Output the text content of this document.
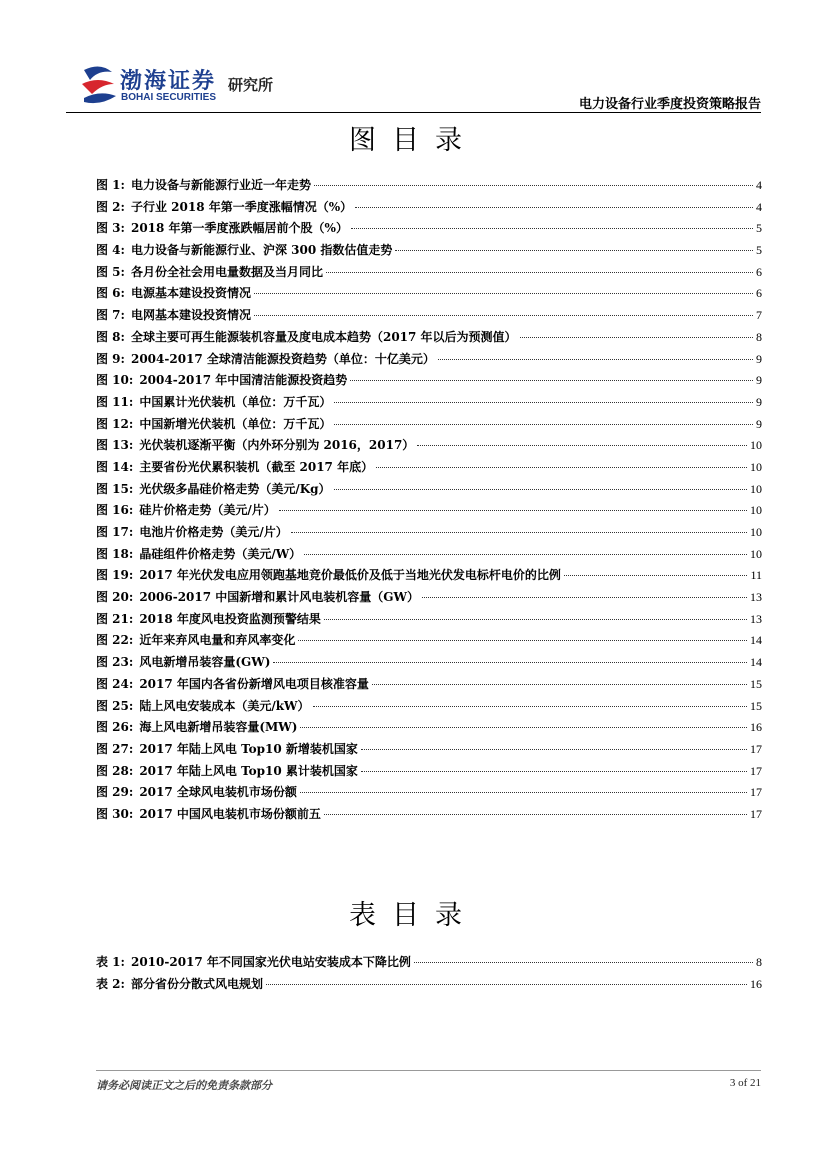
渤海证券
BOHAI SECURITIES
研究所
电力设备行业季度投资策略报告
图目录
图 1: 电力设备与新能源行业近一年走势	4
图 2: 子行业 2018 年第一季度涨幅情况（%）	4
图 3: 2018 年第一季度涨跌幅居前个股（%）	5
图 4: 电力设备与新能源行业、沪深 300 指数估值走势	5
图 5: 各月份全社会用电量数据及当月同比	6
图 6: 电源基本建设投资情况	6
图 7: 电网基本建设投资情况	7
图 8: 全球主要可再生能源装机容量及度电成本趋势（2017 年以后为预测值）	8
图 9: 2004-2017 全球清洁能源投资趋势（单位：十亿美元）	9
图 10: 2004-2017 年中国清洁能源投资趋势	9
图 11: 中国累计光伏装机（单位：万千瓦）	9
图 12: 中国新增光伏装机（单位：万千瓦）	9
图 13: 光伏装机逐渐平衡（内外环分别为 2016，2017）	10
图 14: 主要省份光伏累积装机（截至 2017 年底）	10
图 15: 光伏级多晶硅价格走势（美元/Kg）	10
图 16: 硅片价格走势（美元/片）	10
图 17: 电池片价格走势（美元/片）	10
图 18: 晶硅组件价格走势（美元/W）	10
图 19: 2017 年光伏发电应用领跑基地竞价最低价及低于当地光伏发电标杆电价的比例	11
图 20: 2006-2017 中国新增和累计风电装机容量（GW）	13
图 21: 2018 年度风电投资监测预警结果	13
图 22: 近年来弃风电量和弃风率变化	14
图 23: 风电新增吊装容量(GW)	14
图 24: 2017 年国内各省份新增风电项目核准容量	15
图 25: 陆上风电安装成本（美元/kW）	15
图 26: 海上风电新增吊装容量(MW)	16
图 27: 2017 年陆上风电 Top10 新增装机国家	17
图 28: 2017 年陆上风电 Top10 累计装机国家	17
图 29: 2017 全球风电装机市场份额	17
图 30: 2017 中国风电装机市场份额前五	17
表目录
表 1: 2010-2017 年不同国家光伏电站安装成本下降比例	8
表 2: 部分省份分散式风电规划	16
请务必阅读正文之后的免责条款部分	3 of 21
